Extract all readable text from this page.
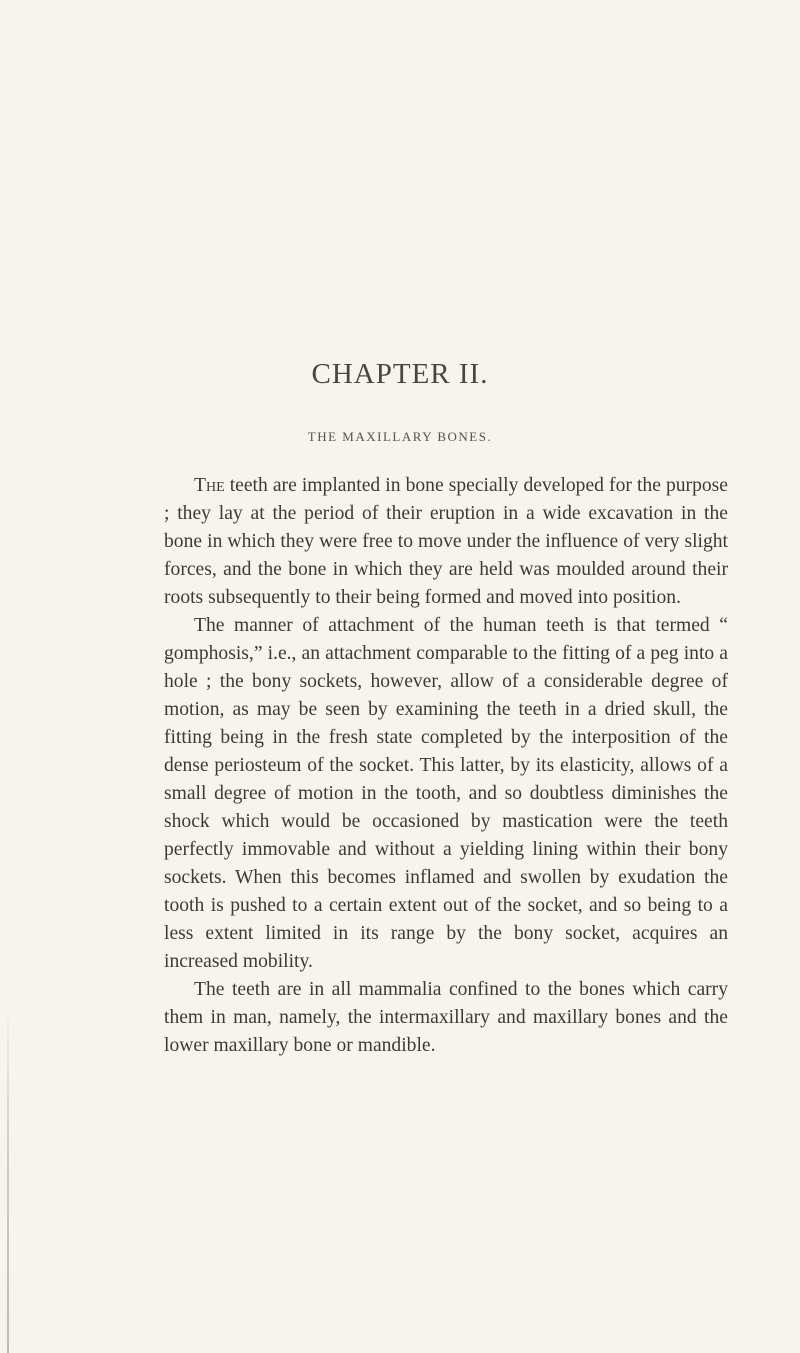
CHAPTER II.
THE MAXILLARY BONES.

The teeth are implanted in bone specially developed for the purpose ; they lay at the period of their eruption in a wide excavation in the bone in which they were free to move under the influence of very slight forces, and the bone in which they are held was moulded around their roots subsequently to their being formed and moved into position.

The manner of attachment of the human teeth is that termed “ gomphosis,” i.e., an attachment comparable to the fitting of a peg into a hole ; the bony sockets, however, allow of a considerable degree of motion, as may be seen by examining the teeth in a dried skull, the fitting being in the fresh state completed by the interposition of the dense periosteum of the socket. This latter, by its elasticity, allows of a small degree of motion in the tooth, and so doubtless diminishes the shock which would be occasioned by mastication were the teeth perfectly immovable and without a yielding lining within their bony sockets. When this becomes inflamed and swollen by exudation the tooth is pushed to a certain extent out of the socket, and so being to a less extent limited in its range by the bony socket, acquires an increased mobility.

The teeth are in all mammalia confined to the bones which carry them in man, namely, the intermaxillary and maxillary bones and the lower maxillary bone or mandible.
